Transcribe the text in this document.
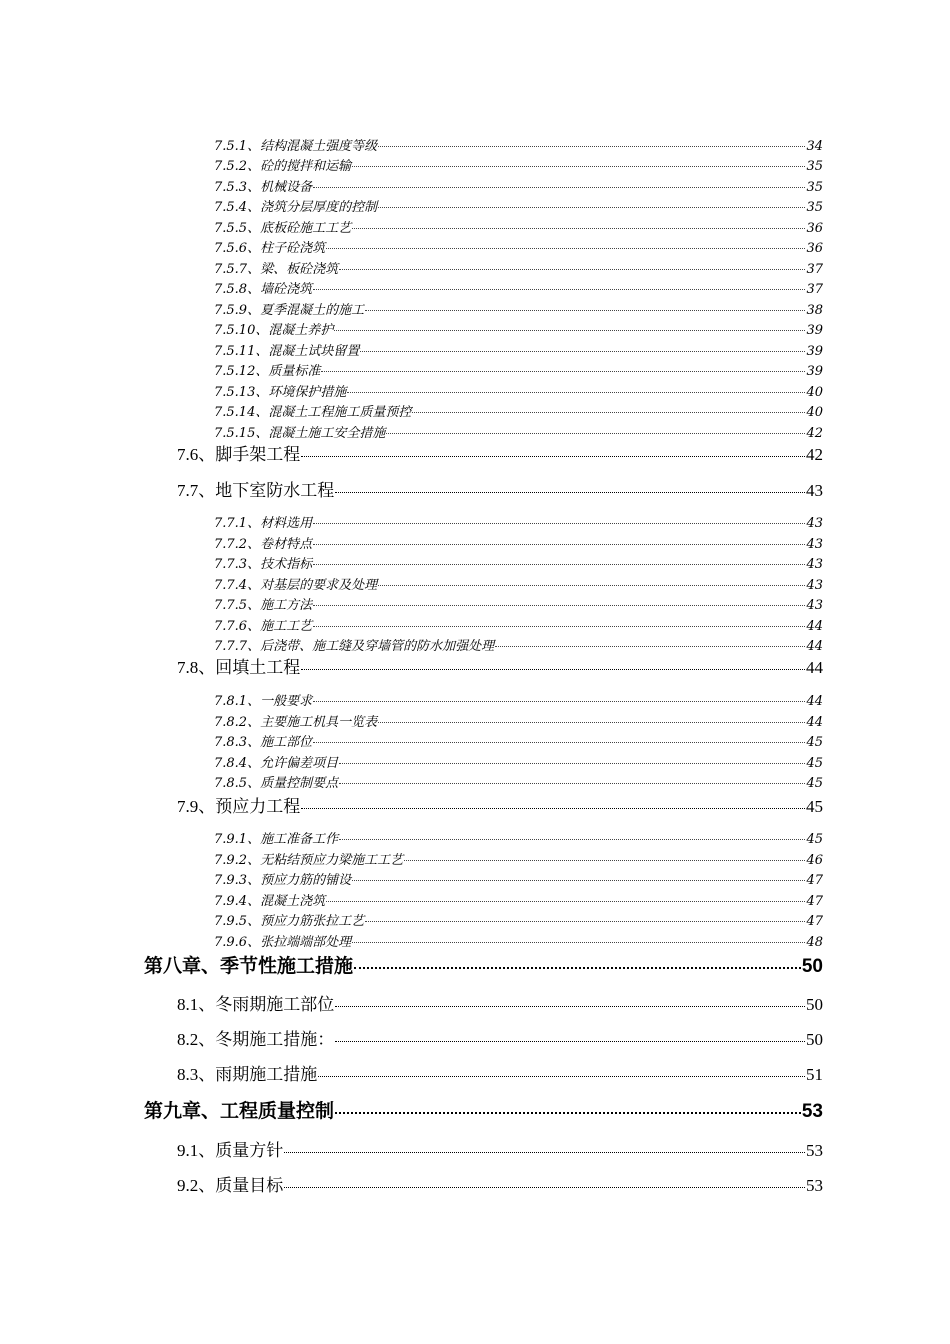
7.5.1、结构混凝土强度等级	34
7.5.2、砼的搅拌和运输	35
7.5.3、机械设备	35
7.5.4、浇筑分层厚度的控制	35
7.5.5、底板砼施工工艺	36
7.5.6、柱子砼浇筑	36
7.5.7、梁、板砼浇筑	37
7.5.8、墙砼浇筑	37
7.5.9、夏季混凝土的施工	38
7.5.10、混凝土养护	39
7.5.11、混凝土试块留置	39
7.5.12、质量标准	39
7.5.13、环境保护措施	40
7.5.14、混凝土工程施工质量预控	40
7.5.15、混凝土施工安全措施	42
7.6、脚手架工程	42
7.7、地下室防水工程	43
7.7.1、材料选用	43
7.7.2、卷材特点	43
7.7.3、技术指标	43
7.7.4、对基层的要求及处理	43
7.7.5、施工方法	43
7.7.6、施工工艺	44
7.7.7、后浇带、施工缝及穿墙管的防水加强处理	44
7.8、回填土工程	44
7.8.1、一般要求	44
7.8.2、主要施工机具一览表	44
7.8.3、施工部位	45
7.8.4、允许偏差项目	45
7.8.5、质量控制要点	45
7.9、预应力工程	45
7.9.1、施工准备工作	45
7.9.2、无粘结预应力梁施工工艺	46
7.9.3、预应力筋的铺设	47
7.9.4、混凝土浇筑	47
7.9.5、预应力筋张拉工艺	47
7.9.6、张拉端端部处理	48
第八章、季节性施工措施	50
8.1、冬雨期施工部位	50
8.2、冬期施工措施：	50
8.3、雨期施工措施	51
第九章、工程质量控制	53
9.1、质量方针	53
9.2、质量目标	53
